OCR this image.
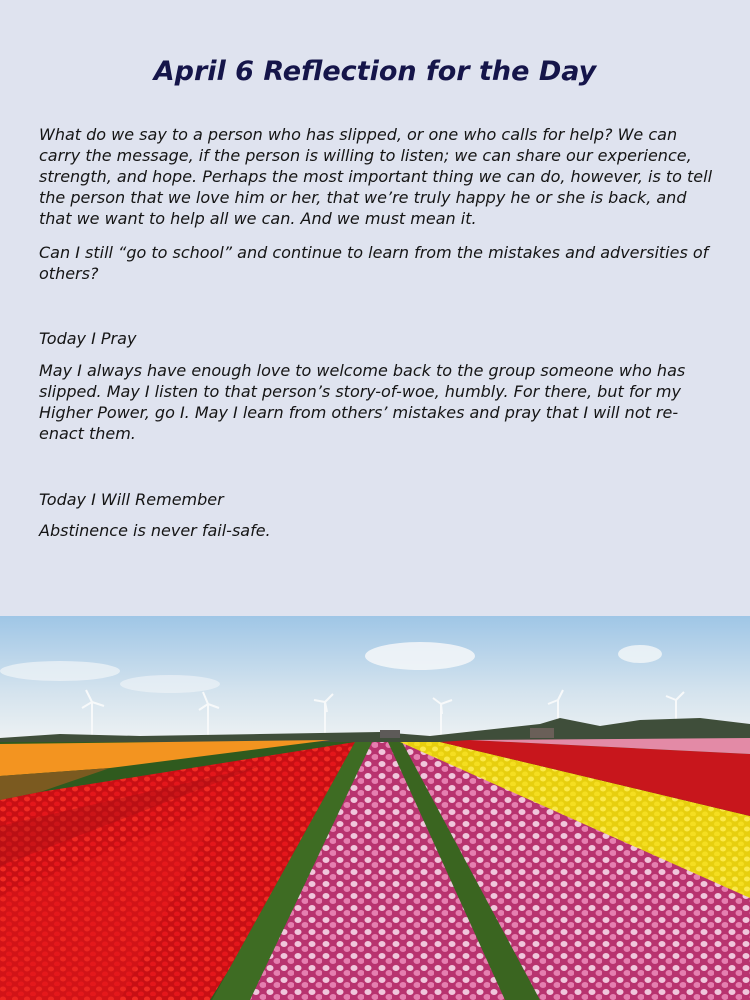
April 6 Reflection for the Day

What do we say to a person who has slipped, or one who calls for help? We can carry the message, if the person is willing to listen; we can share our experience, strength, and hope. Perhaps the most important thing we can do, however, is to tell the person that we love him or her, that we’re truly happy he or she is back, and that we want to help all we can. And we must mean it.

Can I still “go to school” and continue to learn from the mistakes and adversities of others?

Today I Pray

May I always have enough love to welcome back to the group someone who has slipped. May I listen to that person’s story-of-woe, humbly. For there, but for my Higher Power, go I. May I learn from others’ mistakes and pray that I will not re-enact them.

Today I Will Remember

Abstinence is never fail-safe.
